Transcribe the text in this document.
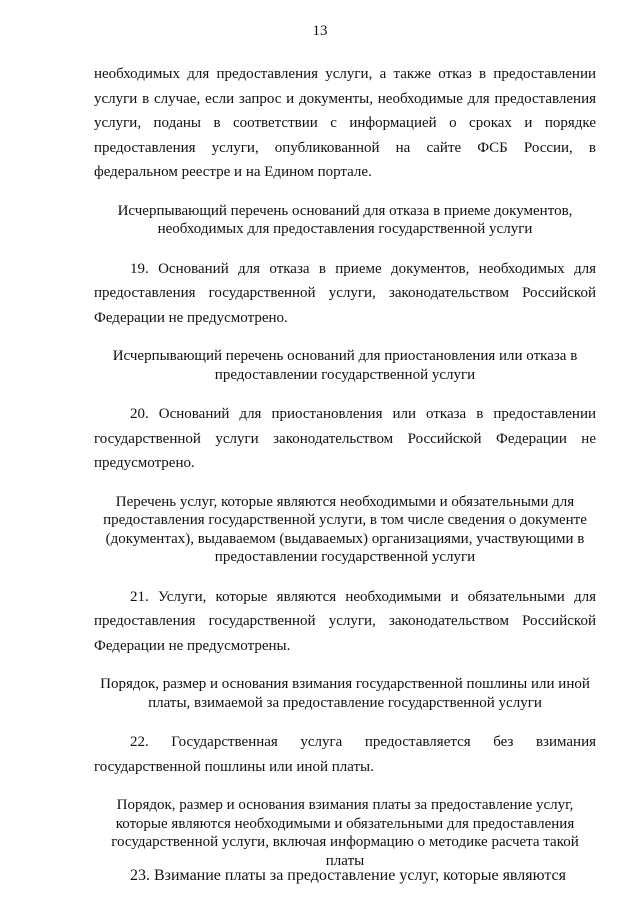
13

необходимых для предоставления услуги, а также отказ в предоставлении услуги в случае, если запрос и документы, необходимые для предоставления услуги, поданы в соответствии с информацией о сроках и порядке предоставления услуги, опубликованной на сайте ФСБ России, в федеральном реестре и на Едином портале.

Исчерпывающий перечень оснований для отказа в приеме документов, необходимых для предоставления государственной услуги

19. Оснований для отказа в приеме документов, необходимых для предоставления государственной услуги, законодательством Российской Федерации не предусмотрено.

Исчерпывающий перечень оснований для приостановления или отказа в предоставлении государственной услуги

20. Оснований для приостановления или отказа в предоставлении государственной услуги законодательством Российской Федерации не предусмотрено.

Перечень услуг, которые являются необходимыми и обязательными для предоставления государственной услуги, в том числе сведения о документе (документах), выдаваемом (выдаваемых) организациями, участвующими в предоставлении государственной услуги

21. Услуги, которые являются необходимыми и обязательными для предоставления государственной услуги, законодательством Российской Федерации не предусмотрены.

Порядок, размер и основания взимания государственной пошлины или иной платы, взимаемой за предоставление государственной услуги

22. Государственная услуга предоставляется без взимания государственной пошлины или иной платы.

Порядок, размер и основания взимания платы за предоставление услуг, которые являются необходимыми и обязательными для предоставления государственной услуги, включая информацию о методике расчета такой платы

23. Взимание платы за предоставление услуг, которые являются
